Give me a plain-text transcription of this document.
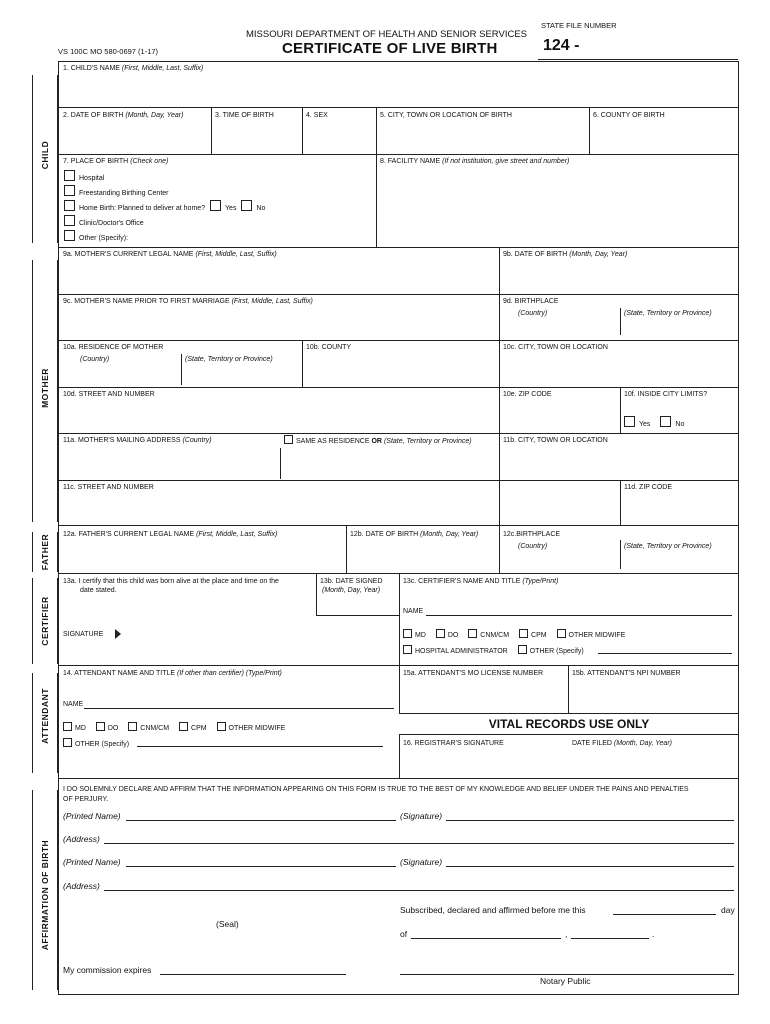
VS 100C MO 580-0697 (1-17)
MISSOURI DEPARTMENT OF HEALTH AND SENIOR SERVICES
CERTIFICATE OF LIVE BIRTH
STATE FILE NUMBER
124 -
CHILD
MOTHER
FATHER
CERTIFIER
ATTENDANT
AFFIRMATION OF BIRTH
1. CHILD'S NAME (First, Middle, Last, Suffix)
2. DATE OF BIRTH (Month, Day, Year)	3. TIME OF BIRTH	4. SEX	5. CITY, TOWN OR LOCATION OF BIRTH	6. COUNTY OF BIRTH
7. PLACE OF BIRTH (Check one)
Hospital
Freestanding Birthing Center
Home Birth: Planned to deliver at home?	Yes	No
Clinic/Doctor's Office
Other (Specify):
8. FACILITY NAME (If not institution, give street and number)
9a. MOTHER'S CURRENT LEGAL NAME (First, Middle, Last, Suffix)	9b. DATE OF BIRTH (Month, Day, Year)
9c. MOTHER'S NAME PRIOR TO FIRST MARRIAGE (First, Middle, Last, Suffix)	9d. BIRTHPLACE
(Country)	(State, Territory or Province)
10a. RESIDENCE OF MOTHER
(Country)	(State, Territory or Province)
10b. COUNTY	10c. CITY, TOWN OR LOCATION
10d. STREET AND NUMBER	10e. ZIP CODE	10f. INSIDE CITY LIMITS?
Yes	No
11a. MOTHER'S MAILING ADDRESS (Country)	SAME AS RESIDENCE OR (State, Territory or Province)	11b. CITY, TOWN OR LOCATION
11c. STREET AND NUMBER	11d. ZIP CODE
12a. FATHER'S CURRENT LEGAL NAME (First, Middle, Last, Suffix)	12b. DATE OF BIRTH (Month, Day, Year)	12c.BIRTHPLACE
(Country)	(State, Territory or Province)
13a. I certify that this child was born alive at the place and time on the
date stated.
13b. DATE SIGNED
(Month, Day, Year)
13c. CERTIFIER'S NAME AND TITLE (Type/Print)
NAME
SIGNATURE	MD	DO	CNM/CM	CPM	OTHER MIDWIFE
HOSPITAL ADMINISTRATOR	OTHER (Specify)
14. ATTENDANT NAME AND TITLE (If other than certifier) (Type/Print)
NAME
MD	DO	CNM/CM	CPM	OTHER MIDWIFE
OTHER (Specify)
15a. ATTENDANT'S MO LICENSE NUMBER	15b. ATTENDANT'S NPI NUMBER
VITAL RECORDS USE ONLY
16. REGISTRAR'S SIGNATURE	DATE FILED (Month, Day, Year)
I DO SOLEMNLY DECLARE AND AFFIRM THAT THE INFORMATION APPEARING ON THIS FORM IS TRUE TO THE BEST OF MY KNOWLEDGE AND BELIEF UNDER THE PAINS AND PENALTIES
OF PERJURY.
(Printed Name)	(Signature)
(Address)
(Printed Name)	(Signature)
(Address)
Subscribed, declared and affirmed before me this	day
(Seal)
of	,	.
My commission expires
Notary Public
